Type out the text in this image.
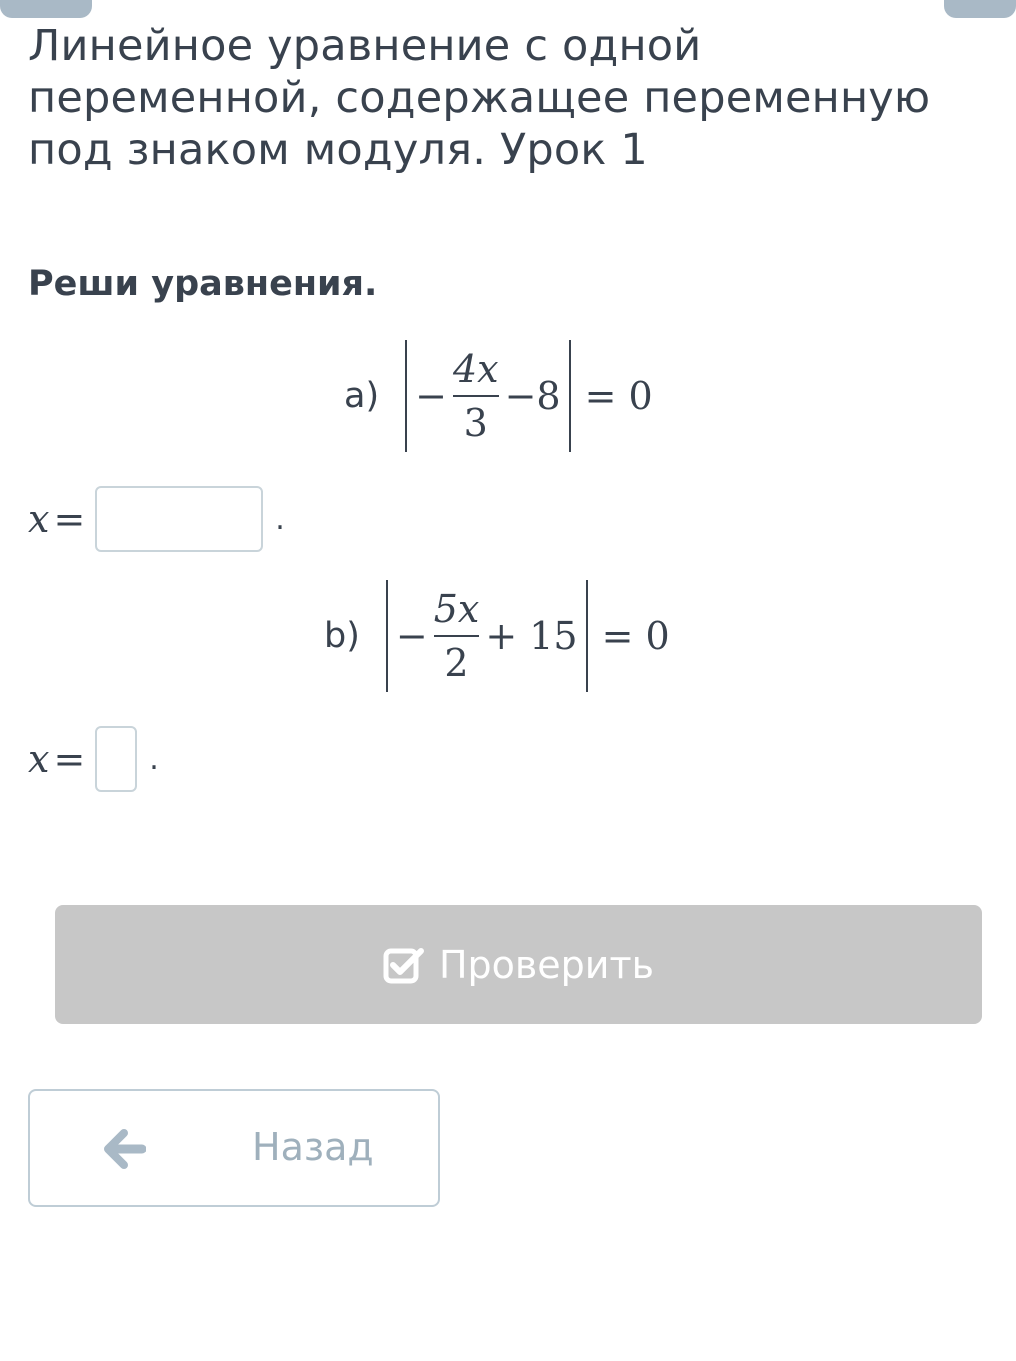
Линейное уравнение с одной переменной, содержащее переменную под знаком модуля. Урок 1
Реши уравнения.
$a) - \frac{4x}{3} -8 = 0$
x =	.
$b) - \frac{5x}{2} + 15 = 0$
x = .
Проверить
Назад
